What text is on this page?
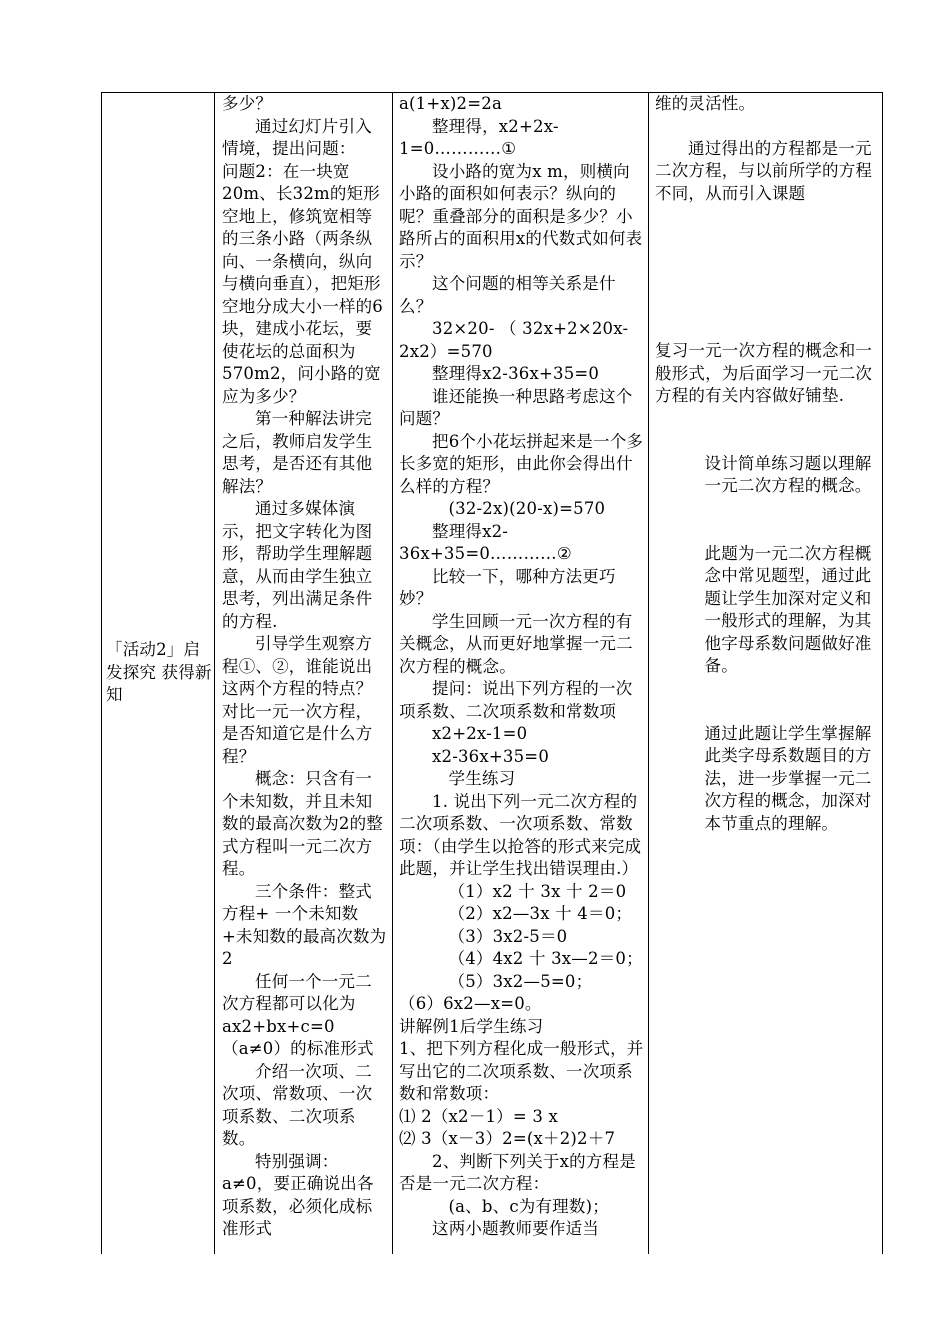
「活动2」启发探究 获得新知

多少？

通过幻灯片引入情境，提出问题：

问题2：在一块宽20m、长32m的矩形空地上，修筑宽相等的三条小路（两条纵向、一条横向，纵向与横向垂直），把矩形空地分成大小一样的6块，建成小花坛，要使花坛的总面积为570m2，问小路的宽应为多少？

第一种解法讲完之后，教师启发学生思考，是否还有其他解法？

通过多媒体演示，把文字转化为图形，帮助学生理解题意，从而由学生独立思考，列出满足条件的方程.

引导学生观察方程①、②，谁能说出这两个方程的特点？对比一元一次方程，是否知道它是什么方程？

概念：只含有一个未知数，并且未知数的最高次数为2的整式方程叫一元二次方程。

三个条件：整式方程+ 一个未知数+未知数的最高次数为2

任何一个一元二次方程都可以化为

ax2+bx+c=0（a≠0）的标准形式

介绍一次项、二次项、常数项、一次项系数、二次项系数。

特别强调：a≠0，要正确说出各项系数，必须化成标准形式

a(1+x)2=2a

整理得，x2+2x-1=0…………①

设小路的宽为x m，则横向小路的面积如何表示？纵向的呢？重叠部分的面积是多少？小路所占的面积用x的代数式如何表示？

这个问题的相等关系是什么？

32×20- （ 32x+2×20x-2x2）=570

整理得x2-36x+35=0

谁还能换一种思路考虑这个问题？

把6个小花坛拼起来是一个多长多宽的矩形，由此你会得出什么样的方程？

(32-2x)(20-x)=570

整理得x2-36x+35=0…………②

比较一下，哪种方法更巧妙？

学生回顾一元一次方程的有关概念，从而更好地掌握一元二次方程的概念。

提问：说出下列方程的一次项系数、二次项系数和常数项

x2+2x-1=0

x2-36x+35=0

学生练习

1. 说出下列一元二次方程的二次项系数、一次项系数、常数项：（由学生以抢答的形式来完成此题，并让学生找出错误理由.）

（1）x2 十 3x 十 2＝0

（2）x2—3x 十 4＝0；

（3）3x2-5＝0

（4）4x2 十 3x—2＝0；

（5）3x2—5=0；

（6）6x2—x=0。

讲解例1后学生练习

1、把下列方程化成一般形式，并写出它的二次项系数、一次项系数和常数项：

⑴ 2（x2－1）= 3 x

⑵ 3（x－3）2=(x＋2)2＋7

2、判断下列关于x的方程是否是一元二次方程：

(a、b、c为有理数)；

这两小题教师要作适当

维的灵活性。

通过得出的方程都是一元二次方程，与以前所学的方程不同，从而引入课题

复习一元一次方程的概念和一般形式，为后面学习一元二次方程的有关内容做好铺垫.

设计简单练习题以理解一元二次方程的概念。

此题为一元二次方程概念中常见题型，通过此题让学生加深对定义和一般形式的理解，为其他字母系数问题做好准备。

通过此题让学生掌握解此类字母系数题目的方法，进一步掌握一元二次方程的概念，加深对本节重点的理解。
